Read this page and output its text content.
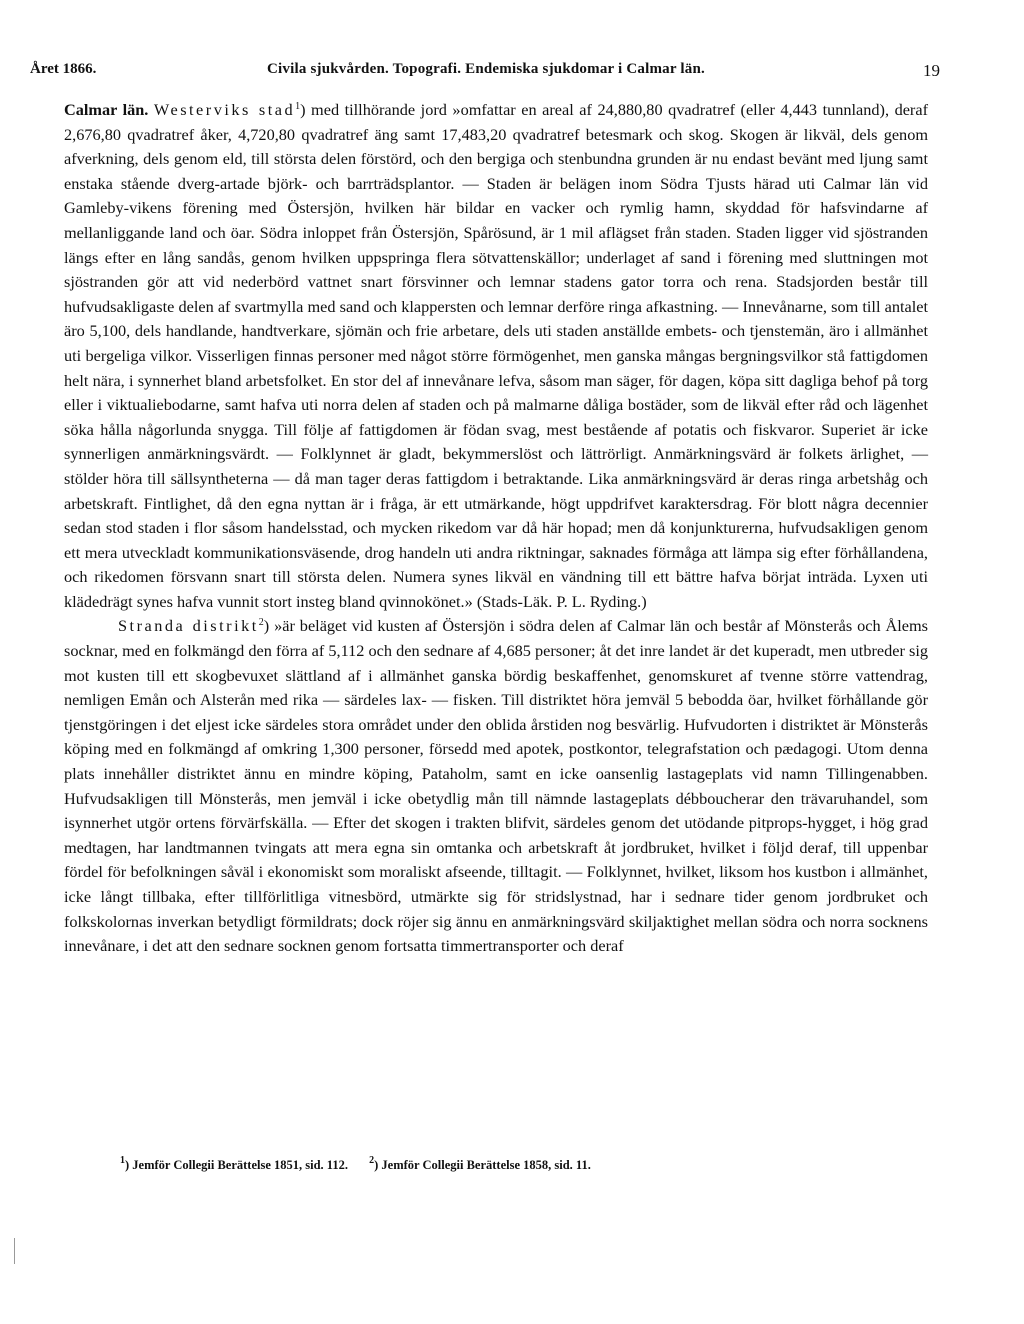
Året 1866.	Civila sjukvården. Topografi. Endemiska sjukdomar i Calmar län.	19

Calmar län. Westerviks stad$^1$) med tillhörande jord »omfattar en areal af 24,880,80 qvadratref (eller 4,443 tunnland), deraf 2,676,80 qvadratref åker, 4,720,80 qvadratref äng samt 17,483,20 qvadratref betesmark och skog. Skogen är likväl, dels genom afverkning, dels genom eld, till största delen förstörd, och den bergiga och stenbundna grunden är nu endast bevänt med ljung samt enstaka stående dverg-artade björk- och barrträdsplantor. — Staden är belägen inom Södra Tjusts härad uti Calmar län vid Gamleby-vikens förening med Östersjön, hvilken här bildar en vacker och rymlig hamn, skyddad för hafsvindarne af mellanliggande land och öar. Södra inloppet från Östersjön, Spårösund, är 1 mil aflägset från staden. Staden ligger vid sjöstranden längs efter en lång sandås, genom hvilken uppspringa flera sötvattenskällor; underlaget af sand i förening med sluttningen mot sjöstranden gör att vid nederbörd vattnet snart försvinner och lemnar stadens gator torra och rena. Stadsjorden består till hufvudsakligaste delen af svartmylla med sand och klappersten och lemnar derföre ringa afkastning. — Innevånarne, som till antalet äro 5,100, dels handlande, handtverkare, sjömän och frie arbetare, dels uti staden anställde embets- och tjenstemän, äro i allmänhet uti bergeliga vilkor. Visserligen finnas personer med något större förmögenhet, men ganska mångas bergningsvilkor stå fattigdomen helt nära, i synnerhet bland arbetsfolket. En stor del af innevånare lefva, såsom man säger, för dagen, köpa sitt dagliga behof på torg eller i viktualiebodarne, samt hafva uti norra delen af staden och på malmarne dåliga bostäder, som de likväl efter råd och lägenhet söka hålla någorlunda snygga. Till följe af fattigdomen är födan svag, mest bestående af potatis och fiskvaror. Superiet är icke synnerligen anmärkningsvärdt. — Folklynnet är gladt, bekymmerslöst och lättrörligt. Anmärkningsvärd är folkets ärlighet, — stölder höra till sällsyntheterna — då man tager deras fattigdom i betraktande. Lika anmärkningsvärd är deras ringa arbetshåg och arbetskraft. Fintlighet, då den egna nyttan är i fråga, är ett utmärkande, högt uppdrifvet karaktersdrag. För blott några decennier sedan stod staden i flor såsom handelsstad, och mycken rikedom var då här hopad; men då konjunkturerna, hufvudsakligen genom ett mera utveckladt kommunikationsväsende, drog handeln uti andra riktningar, saknades förmåga att lämpa sig efter förhållandena, och rikedomen försvann snart till största delen. Numera synes likväl en vändning till ett bättre hafva börjat inträda. Lyxen uti klädedrägt synes hafva vunnit stort insteg bland qvinnokönet.» (Stads-Läk. P. L. Ryding.)

Stranda distrikt$^2$) »är beläget vid kusten af Östersjön i södra delen af Calmar län och består af Mönsterås och Ålems socknar, med en folkmängd den förra af 5,112 och den sednare af 4,685 personer; åt det inre landet är det kuperadt, men utbreder sig mot kusten till ett skogbevuxet slättland af i allmänhet ganska bördig beskaffenhet, genomskuret af tvenne större vattendrag, nemligen Emån och Alsterån med rika — särdeles lax- — fisken. Till distriktet höra jemväl 5 bebodda öar, hvilket förhållande gör tjenstgöringen i det eljest icke särdeles stora området under den oblida årstiden nog besvärlig. Hufvudorten i distriktet är Mönsterås köping med en folkmängd af omkring 1,300 personer, försedd med apotek, postkontor, telegrafstation och pædagogi. Utom denna plats innehåller distriktet ännu en mindre köping, Pataholm, samt en icke oansenlig lastageplats vid namn Tillingenabben. Hufvudsakligen till Mönsterås, men jemväl i icke obetydlig mån till nämnde lastageplats débboucherar den trävaruhandel, som isynnerhet utgör ortens förvärfskälla. — Efter det skogen i trakten blifvit, särdeles genom det utödande pitprops-hygget, i hög grad medtagen, har landtmannen tvingats att mera egna sin omtanka och arbetskraft åt jordbruket, hvilket i följd deraf, till uppenbar fördel för befolkningen såväl i ekonomiskt som moraliskt afseende, tilltagit. — Folklynnet, hvilket, liksom hos kustbon i allmänhet, icke långt tillbaka, efter tillförlitliga vitnesbörd, utmärkte sig för stridslystnad, har i sednare tider genom jordbruket och folkskolornas inverkan betydligt förmildrats; dock röjer sig ännu en anmärkningsvärd skiljaktighet mellan södra och norra socknens innevånare, i det att den sednare socknen genom fortsatta timmertransporter och deraf

$^1$) Jemför Collegii Berättelse 1851, sid. 112. $^2$) Jemför Collegii Berättelse 1858, sid. 11.
